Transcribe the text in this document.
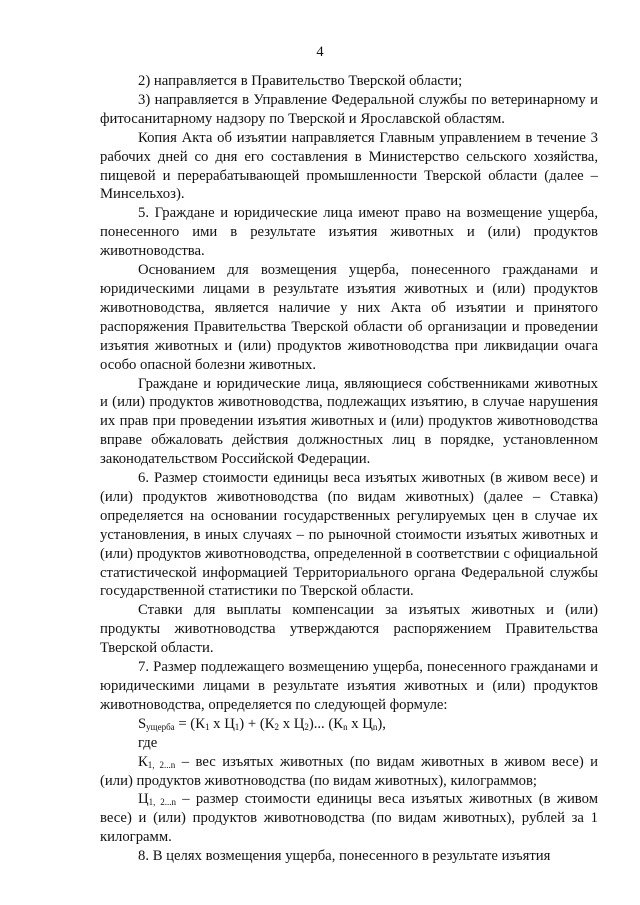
4

2) направляется в Правительство Тверской области;

3) направляется в Управление Федеральной службы по ветеринарному и фитосанитарному надзору по Тверской и Ярославской областям.

Копия Акта об изъятии направляется Главным управлением в течение 3 рабочих дней со дня его составления в Министерство сельского хозяйства, пищевой и перерабатывающей промышленности Тверской области (далее – Минсельхоз).

5. Граждане и юридические лица имеют право на возмещение ущерба, понесенного ими в результате изъятия животных и (или) продуктов животноводства.

Основанием для возмещения ущерба, понесенного гражданами и юридическими лицами в результате изъятия животных и (или) продуктов животноводства, является наличие у них Акта об изъятии и принятого распоряжения Правительства Тверской области об организации и проведении изъятия животных и (или) продуктов животноводства при ликвидации очага особо опасной болезни животных.

Граждане и юридические лица, являющиеся собственниками животных и (или) продуктов животноводства, подлежащих изъятию, в случае нарушения их прав при проведении изъятия животных и (или) продуктов животноводства вправе обжаловать действия должностных лиц в порядке, установленном законодательством Российской Федерации.

6. Размер стоимости единицы веса изъятых животных (в живом весе) и (или) продуктов животноводства (по видам животных) (далее – Ставка) определяется на основании государственных регулируемых цен в случае их установления, в иных случаях – по рыночной стоимости изъятых животных и (или) продуктов животноводства, определенной в соответствии с официальной статистической информацией Территориального органа Федеральной службы государственной статистики по Тверской области.

Ставки для выплаты компенсации за изъятых животных и (или) продукты животноводства утверждаются распоряжением Правительства Тверской области.

7. Размер подлежащего возмещению ущерба, понесенного гражданами и юридическими лицами в результате изъятия животных и (или) продуктов животноводства, определяется по следующей формуле:

$S_{ущерба} = (К_1$ х $Ц_1) + (К_2$ х $Ц_2$)... ($К_n$ х $Ц_n$),

где

$К_{1, 2...n}$ – вес изъятых животных (по видам животных в живом весе) и (или) продуктов животноводства (по видам животных), килограммов;

$Ц_{1, 2...n}$ – размер стоимости единицы веса изъятых животных (в живом весе) и (или) продуктов животноводства (по видам животных), рублей за 1 килограмм.

8. В целях возмещения ущерба, понесенного в результате изъятия
